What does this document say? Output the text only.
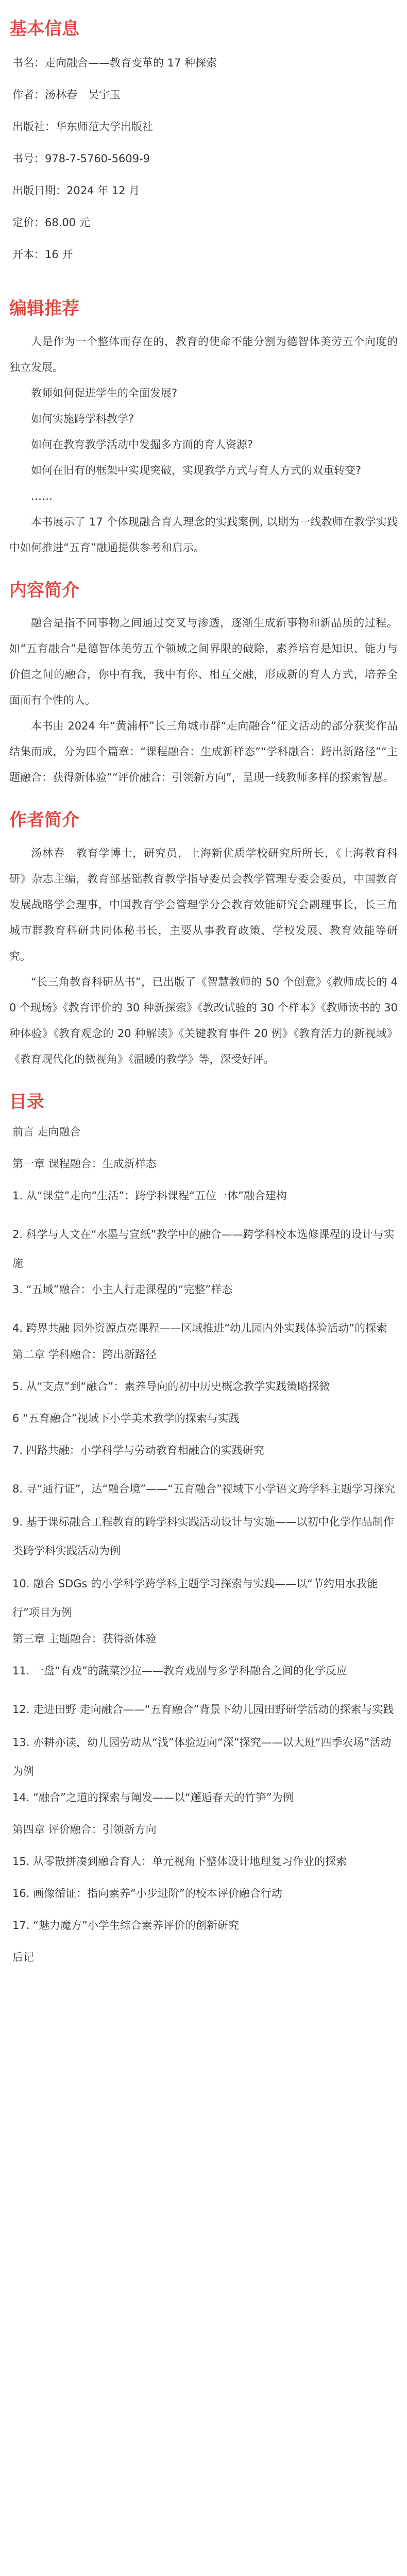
基本信息
书名：走向融合——教育变革的 17 种探索
作者：汤林春　吴宇玉
出版社：华东师范大学出版社
书号：978-7-5760-5609-9
出版日期：2024 年 12 月
定价：68.00 元
开本：16 开
编辑推荐

人是作为一个整体而存在的，教育的使命不能分割为德智体美劳五个向度的独立发展。

教师如何促进学生的全面发展?

如何实施跨学科教学?

如何在教育教学活动中发掘多方面的育人资源?

如何在旧有的框架中实现突破，实现教学方式与育人方式的双重转变?

……

本书展示了 17 个体现融合育人理念的实践案例, 以期为一线教师在教学实践中如何推进“五育”融通提供参考和启示。

内容简介

融合是指不同事物之间通过交叉与渗透，逐渐生成新事物和新品质的过程。如“五育融合”是德智体美劳五个领域之间界限的破除，素养培育是知识、能力与价值之间的融合，你中有我，我中有你、相互交融，形成新的育人方式，培养全面而有个性的人。

本书由 2024 年“黄浦杯”长三角城市群“走向融合”征文活动的部分获奖作品结集而成，分为四个篇章：“课程融合：生成新样态”“学科融合：跨出新路径”“主题融合：获得新体验”“评价融合：引领新方向”，呈现一线教师多样的探索智慧。

作者简介

汤林春　教育学博士，研究员，上海新优质学校研究所所长，《上海教育科研》杂志主编，教育部基础教育教学指导委员会教学管理专委会委员，中国教育发展战略学会理事，中国教育学会管理学分会教育效能研究会副理事长，长三角城市群教育科研共同体秘书长，主要从事教育政策、学校发展、教育效能等研究。

“长三角教育科研丛书”，已出版了《智慧教师的 50 个创意》《教师成长的 40 个现场》《教育评价的 30 种新探索》《教改试验的 30 个样本》《教师读书的 30 种体验》《教育观念的 20 种解读》《关键教育事件 20 例》《教育活力的新视域》《教育现代化的微视角》《温暖的教学》等，深受好评。

目录
前言 走向融合
第一章 课程融合：生成新样态
1. 从“课堂”走向“生活”：跨学科课程“五位一体”融合建构
2. 科学与人文在“水墨与宣纸”教学中的融合——跨学科校本选修课程的设计与实施
3. “五域”融合：小主人行走课程的“完整”样态
4. 跨界共融 园外资源点亮课程——区域推进“幼儿园内外实践体验活动”的探索
第二章 学科融合：跨出新路径
5. 从“支点”到“融合”：素养导向的初中历史概念教学实践策略探微
6 “五育融合”视域下小学美术教学的探索与实践
7. 四路共融：小学科学与劳动教育相融合的实践研究
8. 寻“通行证”，达“融合境”——“五育融合”视域下小学语文跨学科主题学习探究
9. 基于课标融合工程教育的跨学科实践活动设计与实施——以初中化学作品制作类跨学科实践活动为例
10. 融合 SDGs 的小学科学跨学科主题学习探索与实践——以“节约用水我能行”项目为例
第三章 主题融合：获得新体验
11. 一盘“有戏”的蔬菜沙拉——教育戏剧与多学科融合之间的化学反应
12. 走进田野 走向融合——“五育融合”背景下幼儿园田野研学活动的探索与实践
13. 亦耕亦读，幼儿园劳动从“浅”体验迈向“深”探究——以大班“四季农场”活动为例
14. “融合”之道的探索与阐发——以“邂逅春天的竹笋”为例
第四章 评价融合：引领新方向
15. 从零散拼凑到融合育人：单元视角下整体设计地理复习作业的探索
16. 画像循证：指向素养“小步进阶”的校本评价融合行动
17. “魅力魔方”小学生综合素养评价的创新研究
后记
